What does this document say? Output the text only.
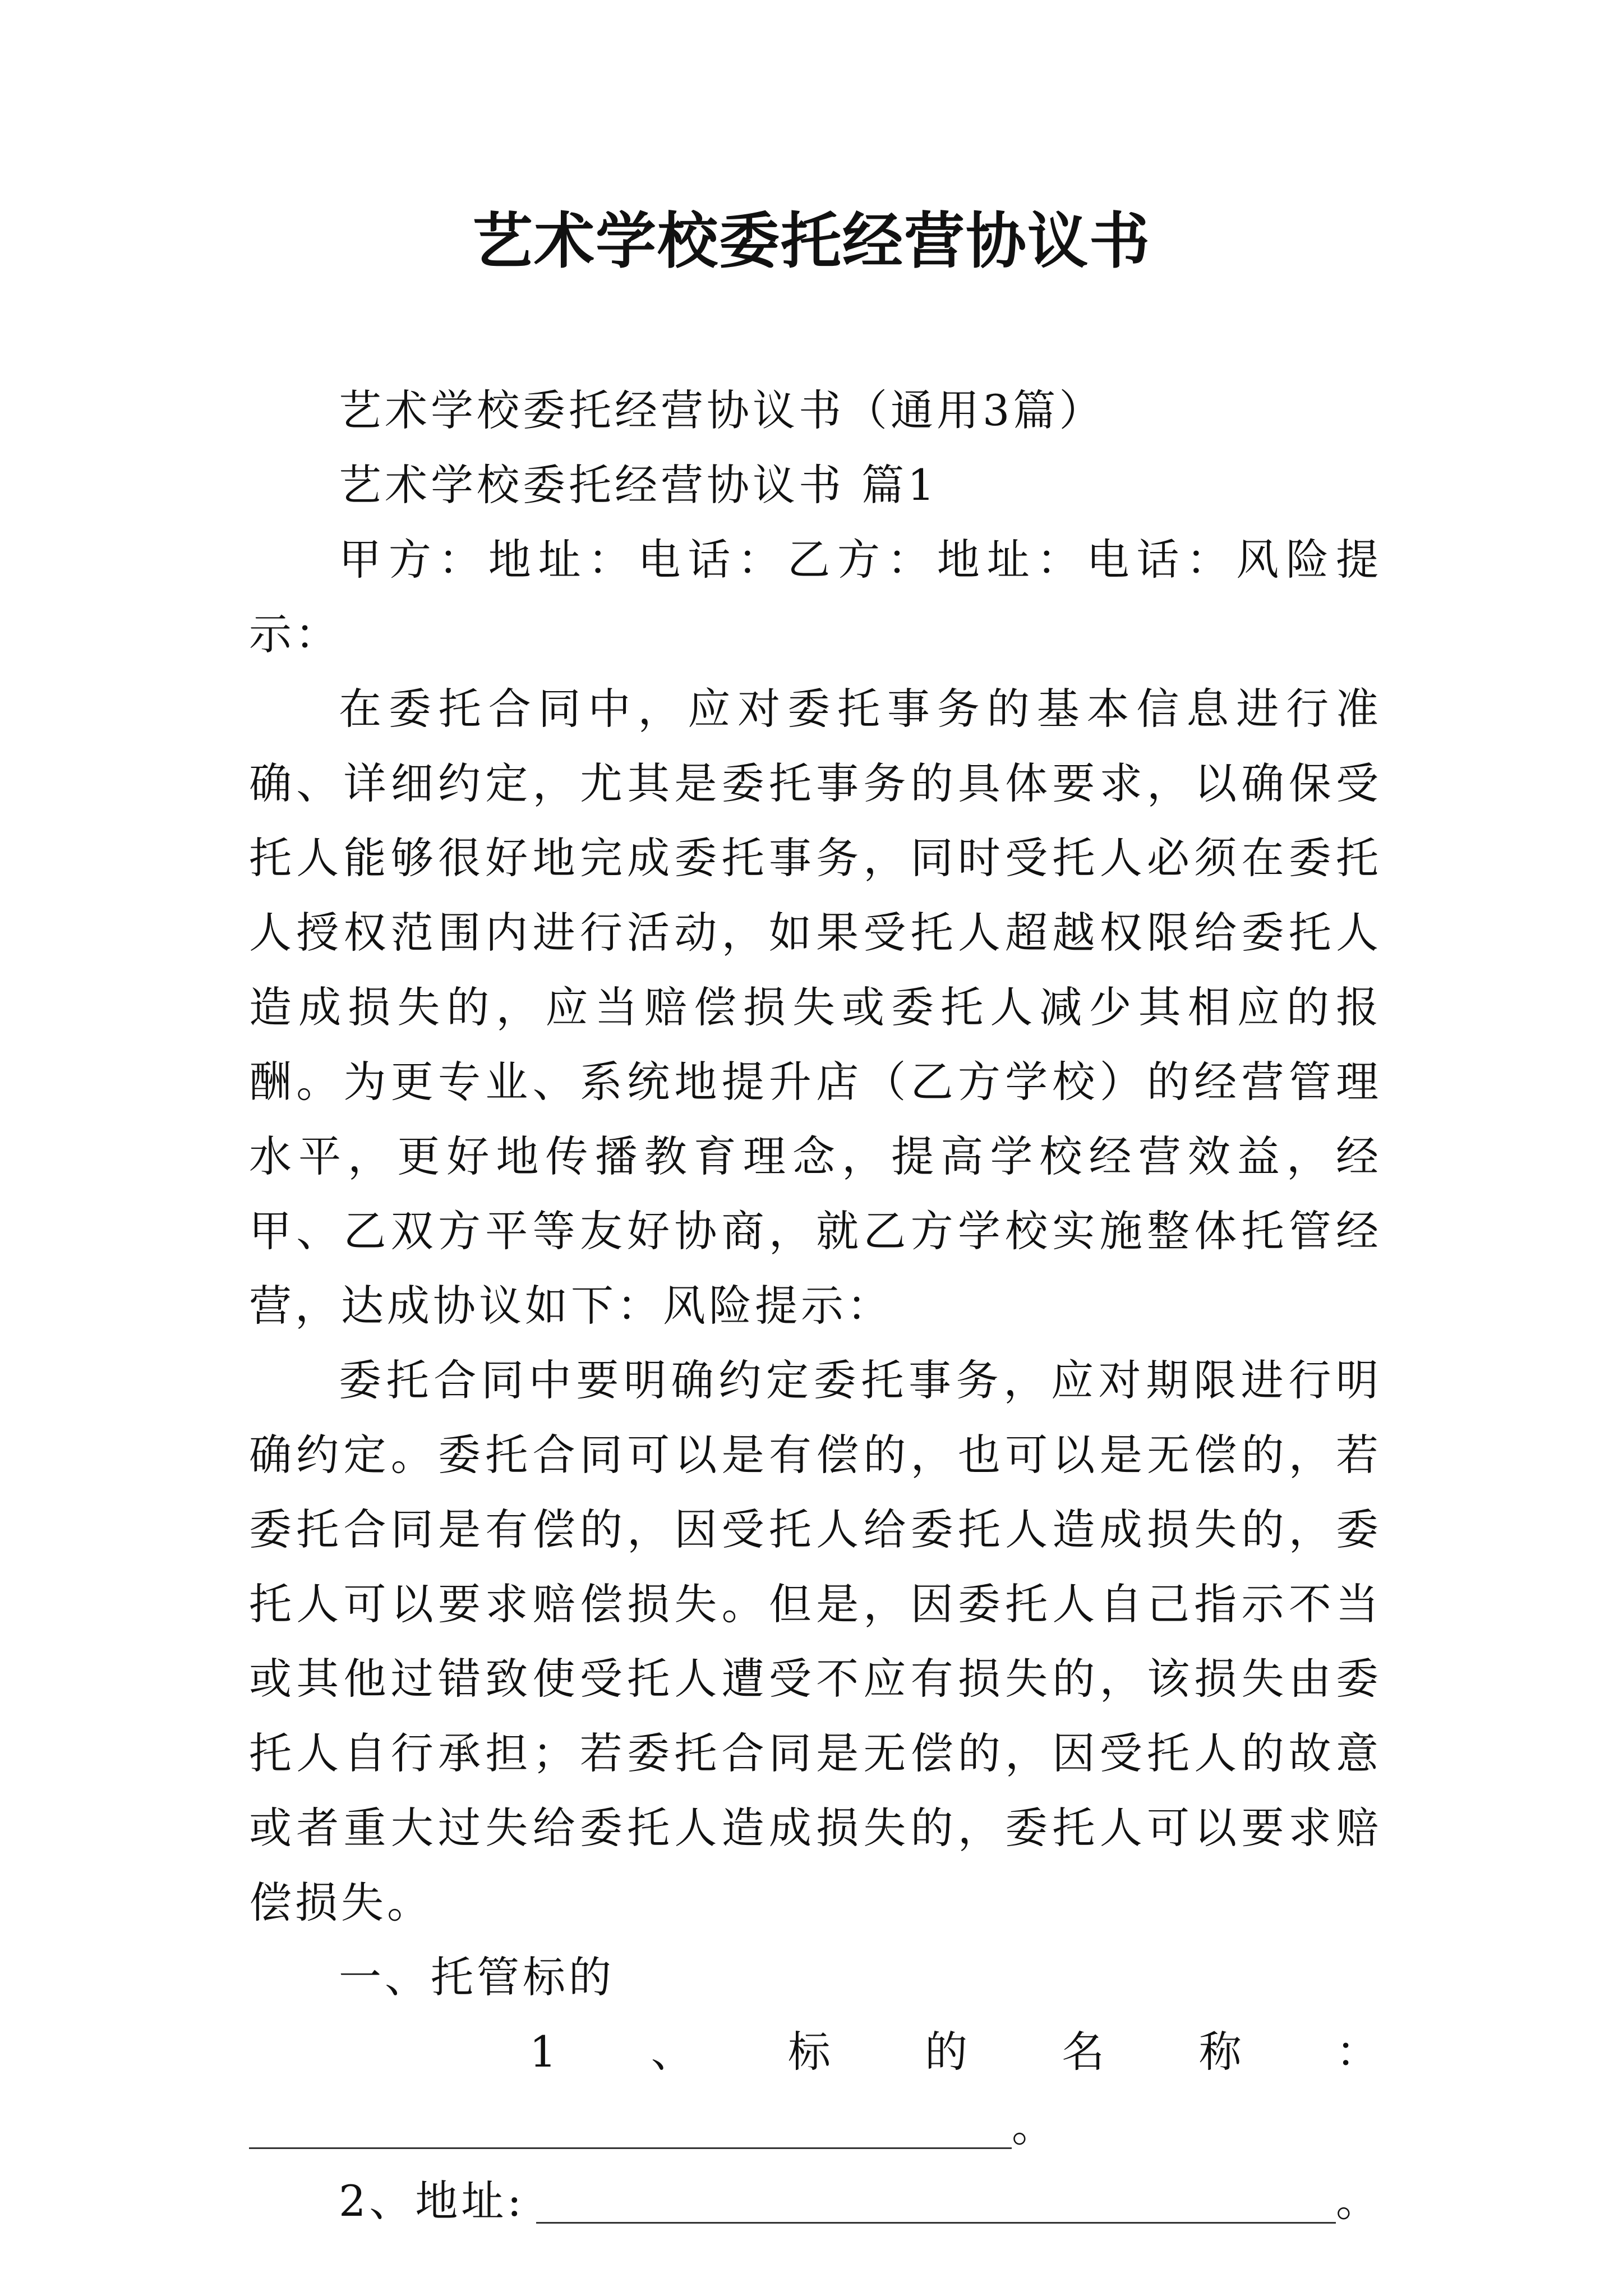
艺术学校委托经营协议书

艺术学校委托经营协议书（通用3篇）

艺术学校委托经营协议书 篇1

甲方：地址：电话：乙方：地址：电话：风险提示：

在委托合同中，应对委托事务的基本信息进行准确、详细约定，尤其是委托事务的具体要求，以确保受托人能够很好地完成委托事务，同时受托人必须在委托人授权范围内进行活动，如果受托人超越权限给委托人造成损失的，应当赔偿损失或委托人减少其相应的报酬。为更专业、系统地提升店（乙方学校）的经营管理水平，更好地传播教育理念，提高学校经营效益，经甲、乙双方平等友好协商，就乙方学校实施整体托管经营，达成协议如下：风险提示：

委托合同中要明确约定委托事务，应对期限进行明确约定。委托合同可以是有偿的，也可以是无偿的，若委托合同是有偿的，因受托人给委托人造成损失的，委托人可以要求赔偿损失。但是，因委托人自己指示不当或其他过错致使受托人遭受不应有损失的，该损失由委托人自行承担；若委托合同是无偿的，因受托人的故意或者重大过失给委托人造成损失的，委托人可以要求赔偿损失。

一、托管标的

1 、 标 的 名 称 ：

。

2、地址:	。
